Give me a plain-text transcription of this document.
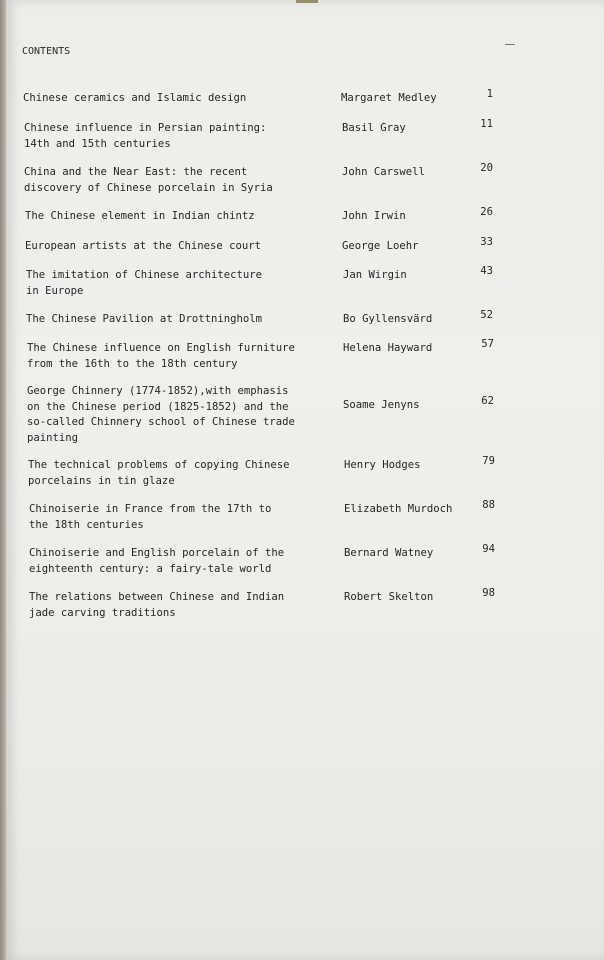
CONTENTS
Chinese ceramics and Islamic design	Margaret Medley	1
Chinese influence in Persian painting:
14th and 15th centuries
Basil Gray	11
China and the Near East: the recent
discovery of Chinese porcelain in Syria
John Carswell	20
The Chinese element in Indian chintz	John Irwin	26
European artists at the Chinese court	George Loehr	33
The imitation of Chinese architecture
in Europe
Jan Wirgin	43
The Chinese Pavilion at Drottningholm	Bo Gyllensvärd	52
The Chinese influence on English furniture
from the 16th to the 18th century
Helena Hayward	57
George Chinnery (1774-1852),with emphasis
on the Chinese period (1825-1852) and the
so-called Chinnery school of Chinese trade
painting
Soame Jenyns	62
The technical problems of copying Chinese
porcelains in tin glaze
Henry Hodges	79
Chinoiserie in France from the 17th to
the 18th centuries
Elizabeth Murdoch	88
Chinoiserie and English porcelain of the
eighteenth century: a fairy-tale world
Bernard Watney	94
The relations between Chinese and Indian
jade carving traditions
Robert Skelton	98
